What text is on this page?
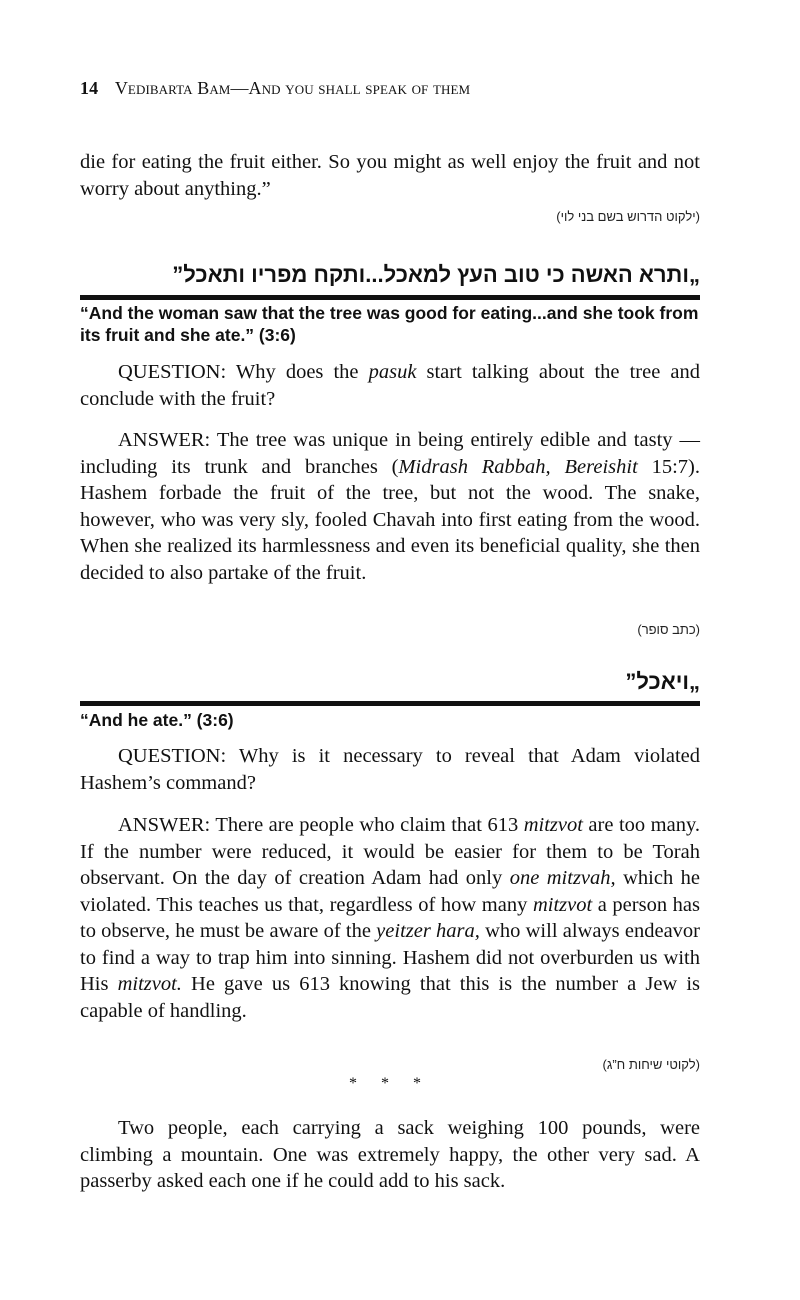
14 Vedibarta Bam—And you shall speak of them

die for eating the fruit either. So you might as well enjoy the fruit and not worry about anything.”

(ילקוט הדרוש בשם בני לוי)

„ותרא האשה כי טוב העץ למאכל...ותקח מפריו ותאכל”

“And the woman saw that the tree was good for eating...and she took from its fruit and she ate.” (3:6)

QUESTION: Why does the pasuk start talking about the tree and conclude with the fruit?

ANSWER: The tree was unique in being entirely edible and tasty — including its trunk and branches (Midrash Rabbah, Bereishit 15:7). Hashem forbade the fruit of the tree, but not the wood. The snake, however, who was very sly, fooled Chavah into first eating from the wood. When she realized its harmlessness and even its beneficial quality, she then decided to also partake of the fruit.

(כתב סופר)

„ויאכל”

“And he ate.” (3:6)

QUESTION: Why is it necessary to reveal that Adam violated Hashem’s command?

ANSWER: There are people who claim that 613 mitzvot are too many. If the number were reduced, it would be easier for them to be Torah observant. On the day of creation Adam had only one mitzvah, which he violated. This teaches us that, regardless of how many mitzvot a person has to observe, he must be aware of the yeitzer hara, who will always endeavor to find a way to trap him into sinning. Hashem did not overburden us with His mitzvot. He gave us 613 knowing that this is the number a Jew is capable of handling.

(לקוטי שיחות ח”ג)

* * *

Two people, each carrying a sack weighing 100 pounds, were climbing a mountain. One was extremely happy, the other very sad. A passerby asked each one if he could add to his sack.
